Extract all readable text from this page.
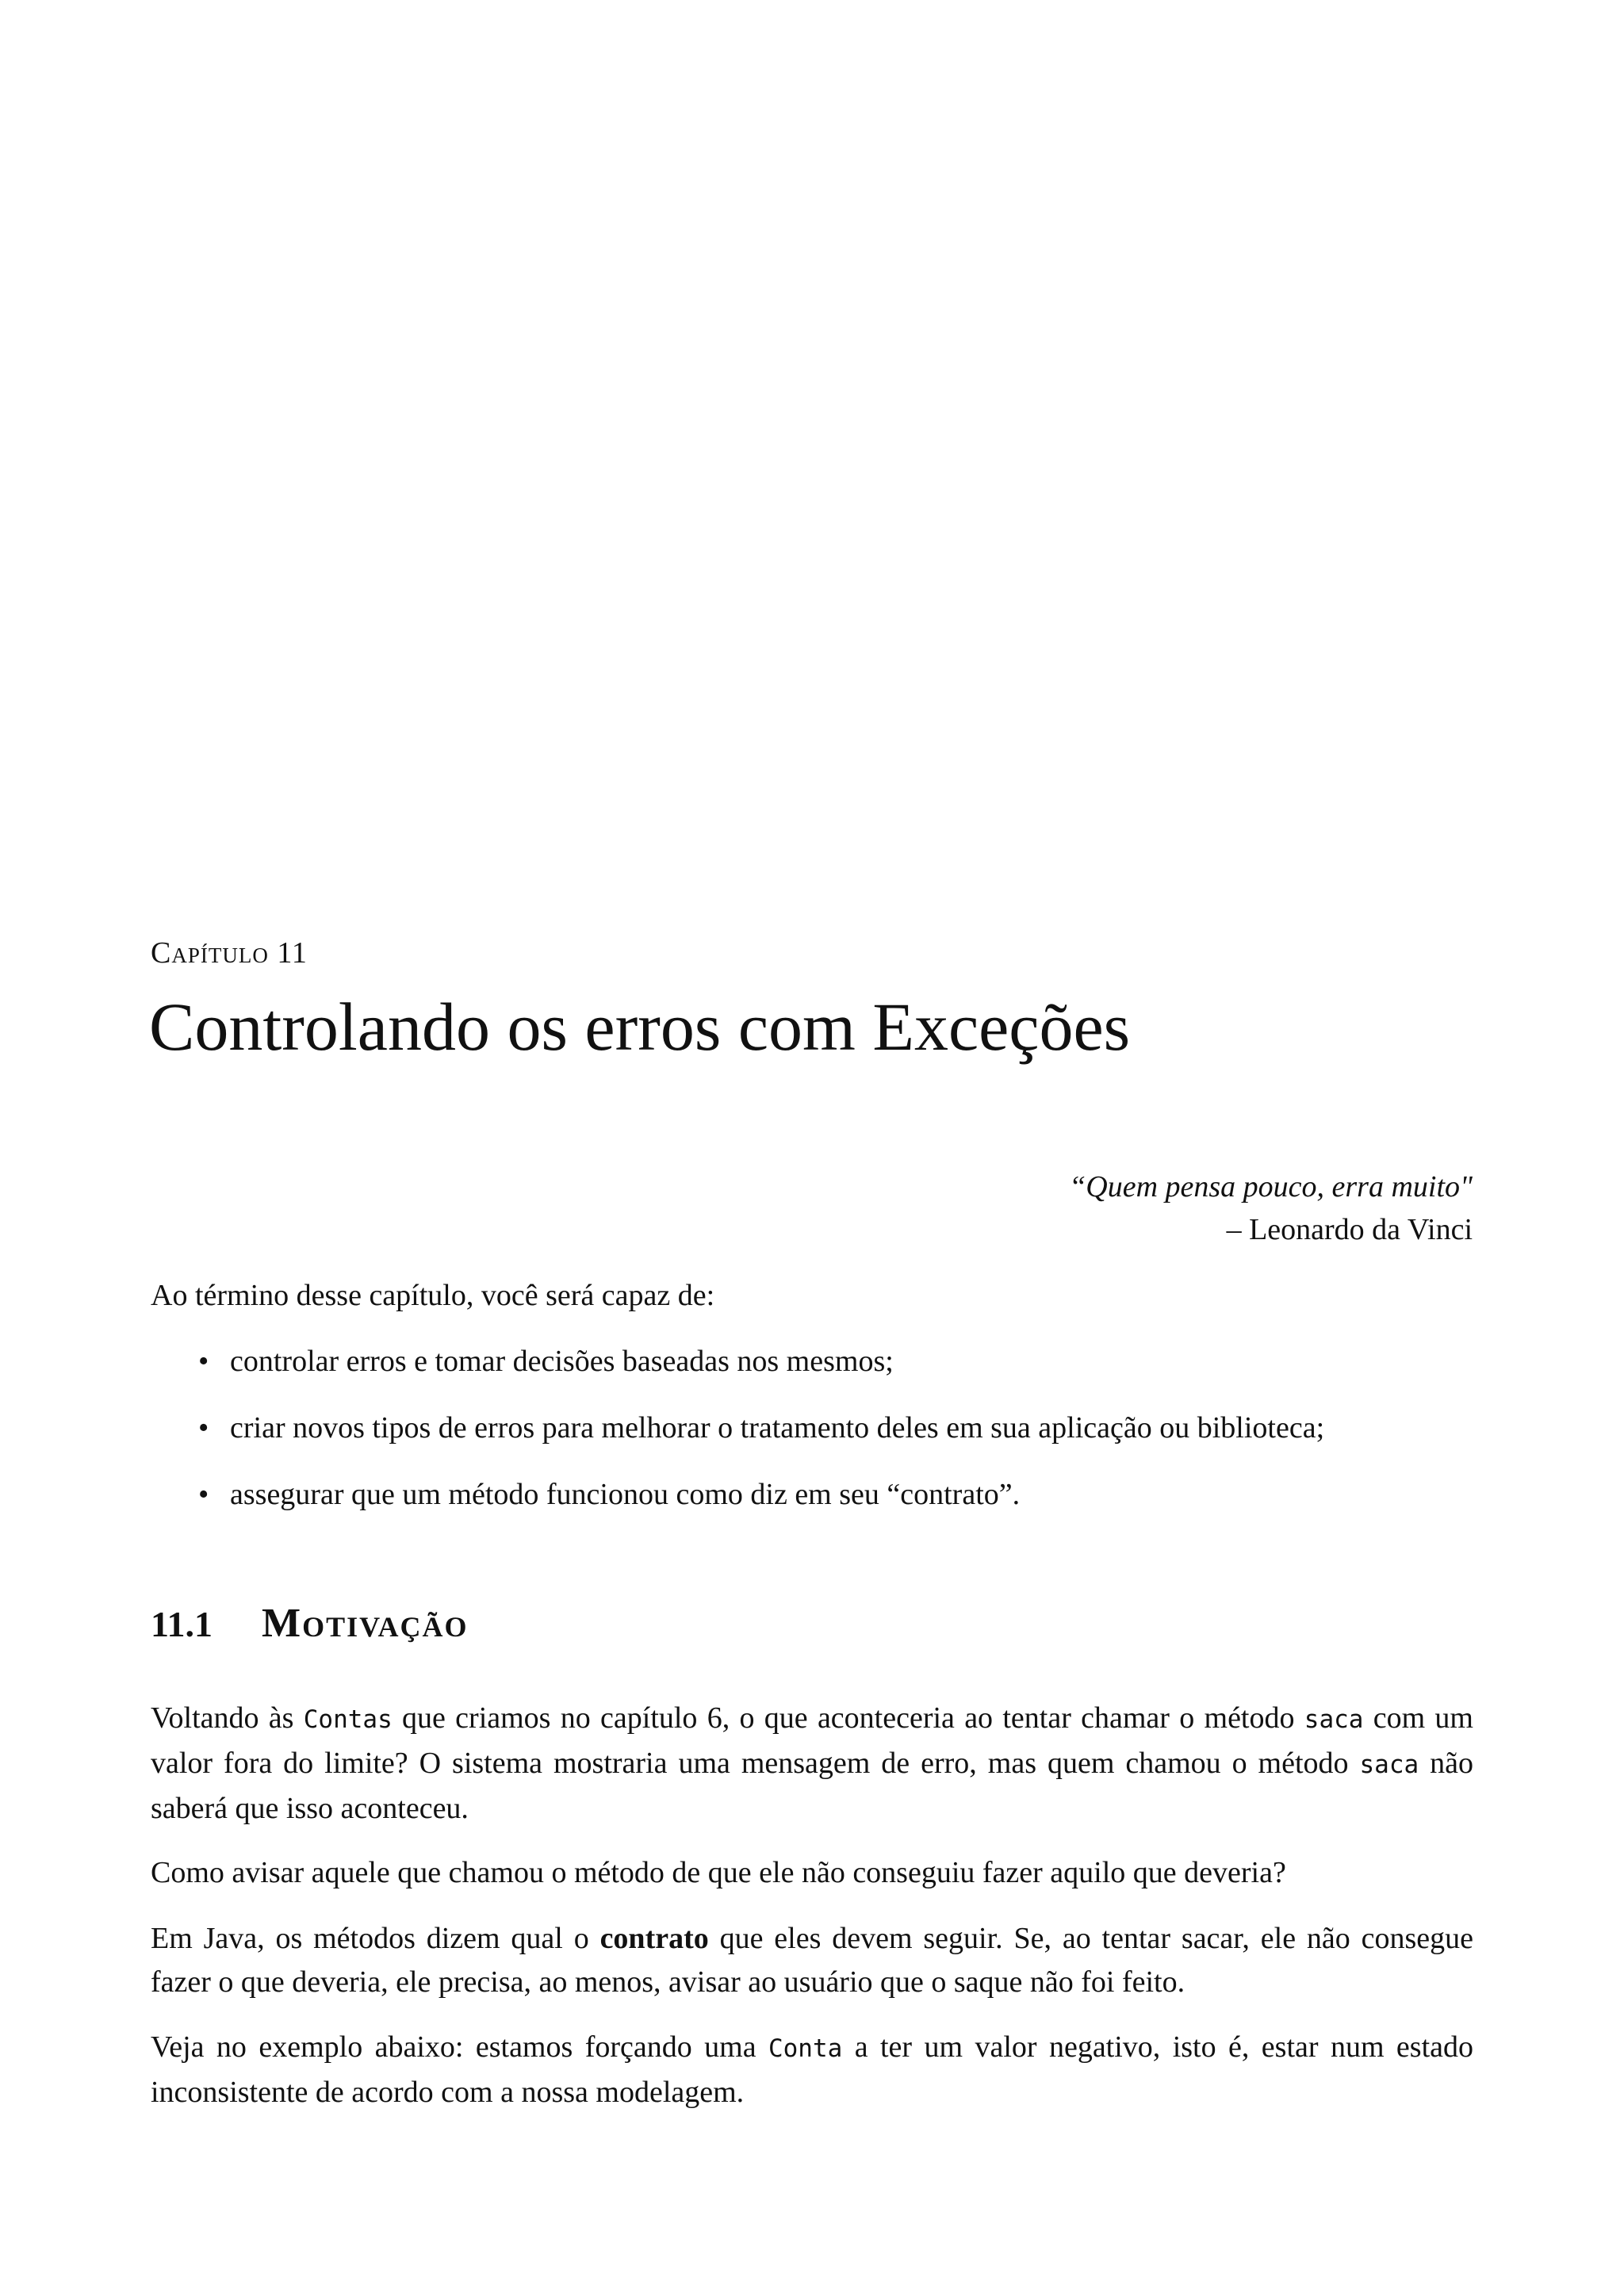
Capítulo 11
Controlando os erros com Exceções
“Quem pensa pouco, erra muito"
– Leonardo da Vinci
Ao término desse capítulo, você será capaz de:
• controlar erros e tomar decisões baseadas nos mesmos;
• criar novos tipos de erros para melhorar o tratamento deles em sua aplicação ou biblioteca;
• assegurar que um método funcionou como diz em seu “contrato”.
11.1 Motivação

Voltando às Contas que criamos no capítulo 6, o que aconteceria ao tentar chamar o método saca com um valor fora do limite? O sistema mostraria uma mensagem de erro, mas quem chamou o método saca não saberá que isso aconteceu.

Como avisar aquele que chamou o método de que ele não conseguiu fazer aquilo que deveria?

Em Java, os métodos dizem qual o contrato que eles devem seguir. Se, ao tentar sacar, ele não consegue fazer o que deveria, ele precisa, ao menos, avisar ao usuário que o saque não foi feito.

Veja no exemplo abaixo: estamos forçando uma Conta a ter um valor negativo, isto é, estar num estado inconsistente de acordo com a nossa modelagem.
